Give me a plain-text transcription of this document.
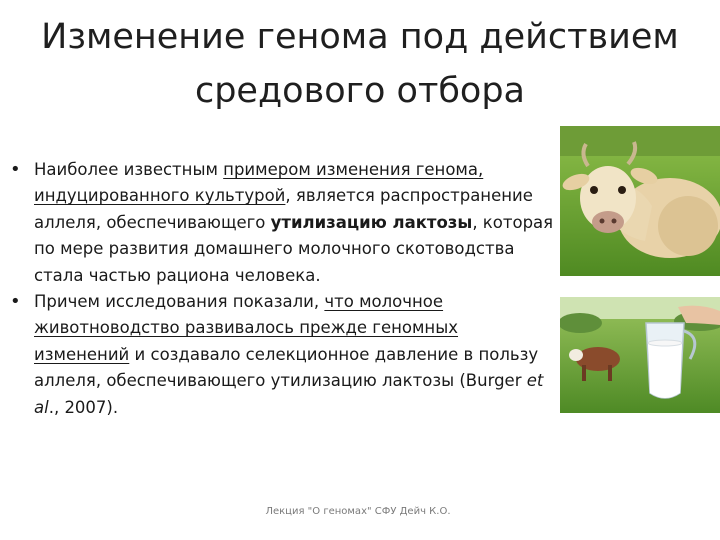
Изменение генома под действием
средового отбора
• Наиболее известным примером изменения генома, индуцированного культурой, является распространение аллеля, обеспечивающего утилизацию лактозы, которая по мере развития домашнего молочного скотоводства стала частью рациона человека.
• Причем исследования показали, что молочное животноводство развивалось прежде геномных изменений и создавало селекционное давление в пользу аллеля, обеспечивающего утилизацию лактозы (Burger et al., 2007).
Лекция "О геномах" СФУ Дейч К.О.
